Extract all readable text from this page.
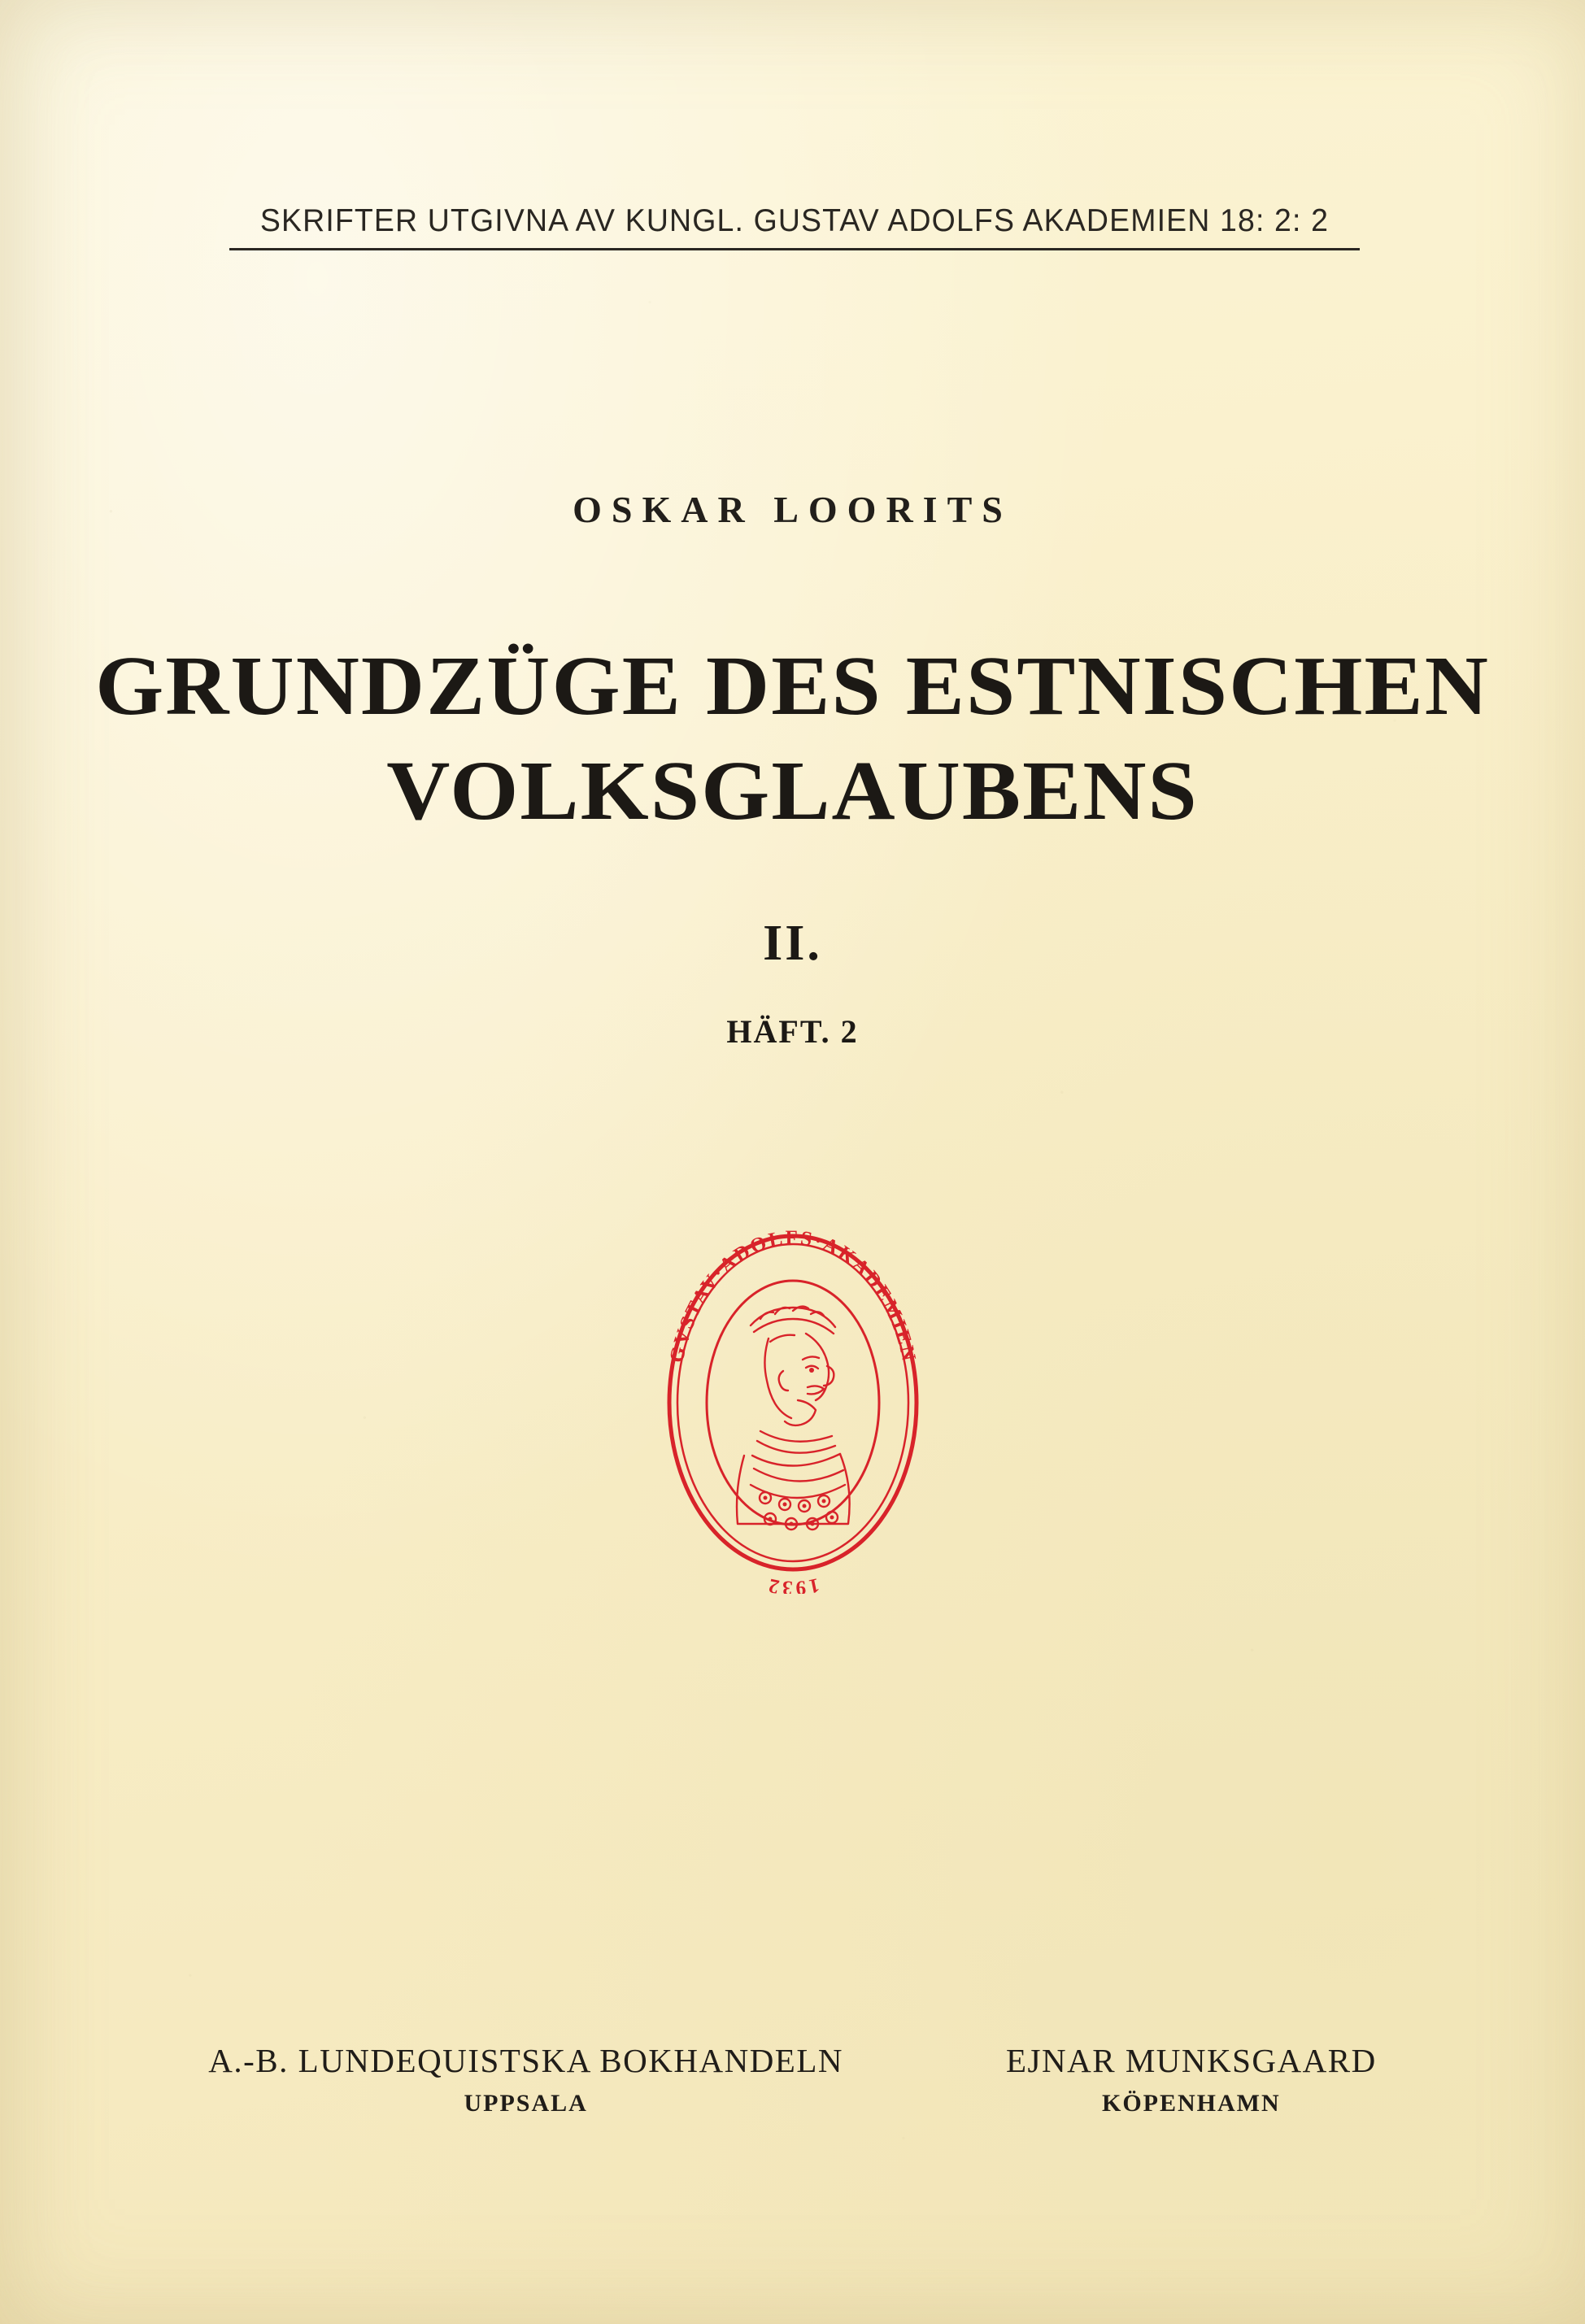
SKRIFTER UTGIVNA AV KUNGL. GUSTAV ADOLFS AKADEMIEN 18: 2: 2
OSKAR LOORITS
GRUNDZÜGE DES ESTNISCHEN
VOLKSGLAUBENS
II.
HÄFT. 2
GVSTAV·ADOLFS·AKADEMIEN
1932
A.-B. LUNDEQUISTSKA BOKHANDELN
UPPSALA
EJNAR MUNKSGAARD
KÖPENHAMN
